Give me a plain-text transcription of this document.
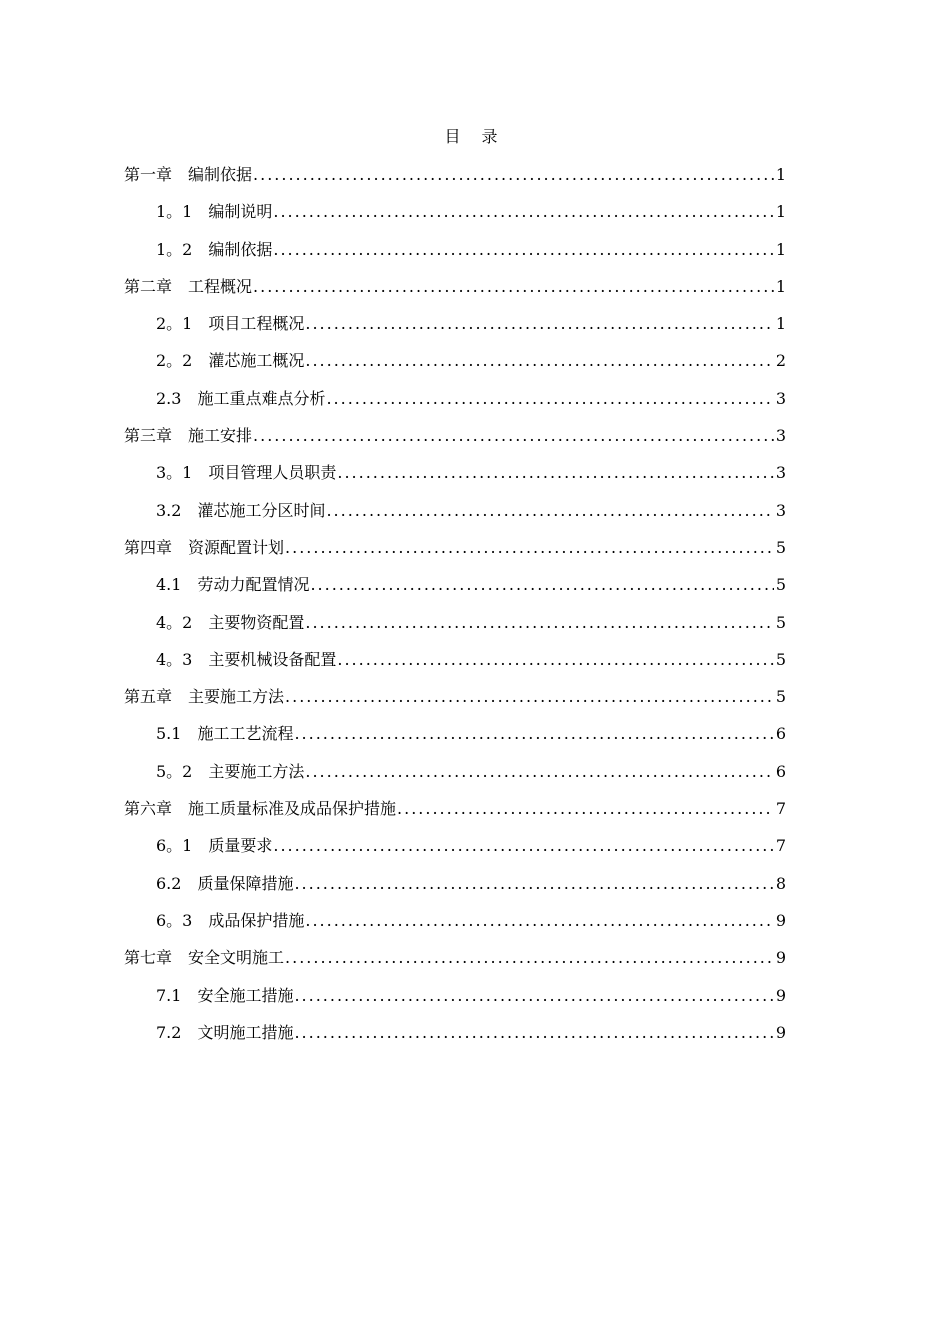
目 录
第一章　编制依据 .....	1
1。1　编制说明 .....	1
1。2　编制依据 .....	1
第二章　工程概况 .....	1
2。1　项目工程概况 .....	1
2。2　灌芯施工概况 .....	2
2.3　施工重点难点分析 .....	3
第三章　施工安排 .....	3
3。1　项目管理人员职责 .....	3
3.2　灌芯施工分区时间 .....	3
第四章　资源配置计划 .....	5
4.1　劳动力配置情况 .....	5
4。2　主要物资配置 .....	5
4。3　主要机械设备配置 .....	5
第五章　主要施工方法 .....	5
5.1　施工工艺流程 .....	6
5。2　主要施工方法 .....	6
第六章　施工质量标准及成品保护措施 .....	7
6。1　质量要求 .....	7
6.2　质量保障措施 .....	8
6。3　成品保护措施 .....	9
第七章　安全文明施工 .....	9
7.1　安全施工措施 .....	9
7.2　文明施工措施 .....	9
